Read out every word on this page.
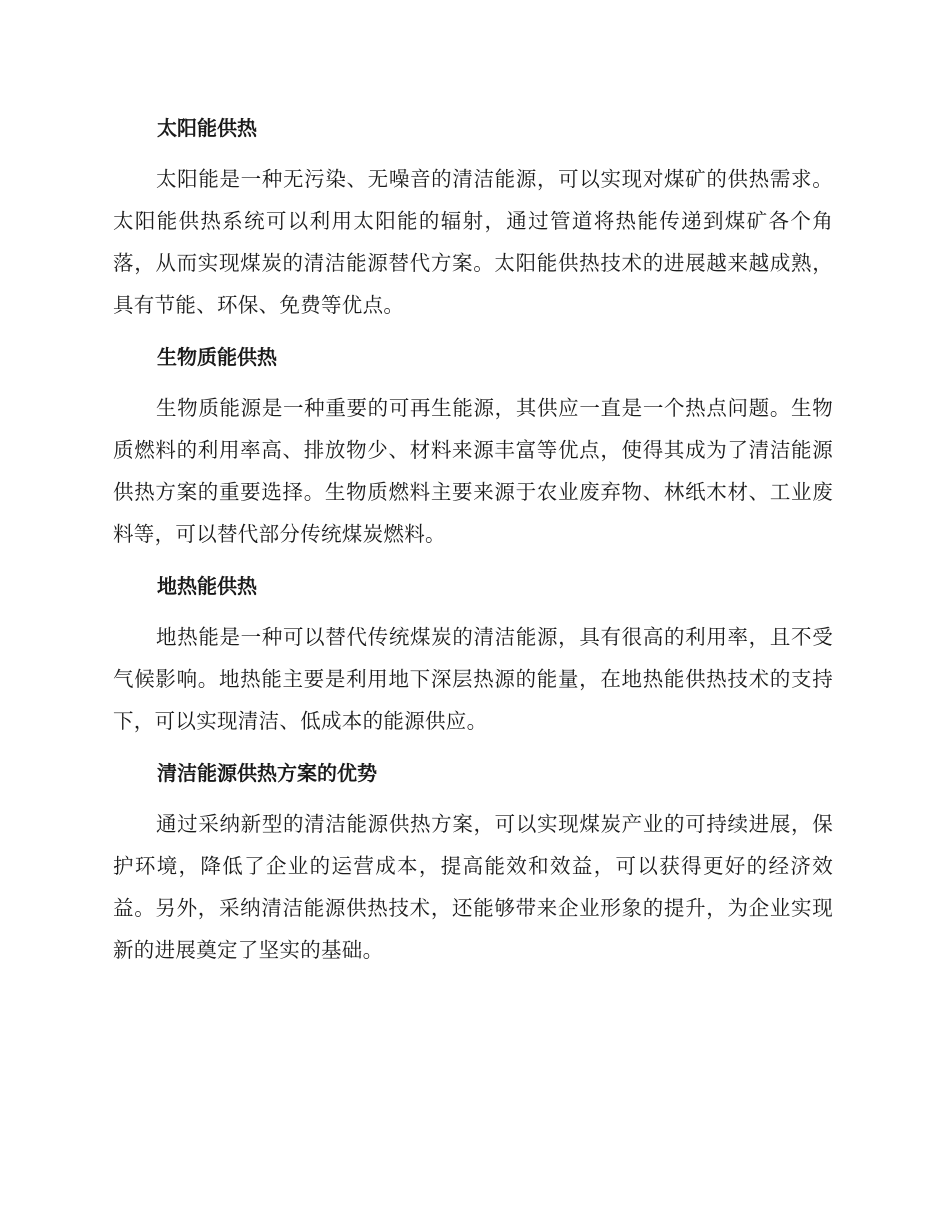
太阳能供热

太阳能是一种无污染、无噪音的清洁能源，可以实现对煤矿的供热需求。太阳能供热系统可以利用太阳能的辐射，通过管道将热能传递到煤矿各个角落，从而实现煤炭的清洁能源替代方案。太阳能供热技术的进展越来越成熟，具有节能、环保、免费等优点。

生物质能供热

生物质能源是一种重要的可再生能源，其供应一直是一个热点问题。生物质燃料的利用率高、排放物少、材料来源丰富等优点，使得其成为了清洁能源供热方案的重要选择。生物质燃料主要来源于农业废弃物、林纸木材、工业废料等，可以替代部分传统煤炭燃料。

地热能供热

地热能是一种可以替代传统煤炭的清洁能源，具有很高的利用率，且不受气候影响。地热能主要是利用地下深层热源的能量，在地热能供热技术的支持下，可以实现清洁、低成本的能源供应。

清洁能源供热方案的优势

通过采纳新型的清洁能源供热方案，可以实现煤炭产业的可持续进展，保护环境，降低了企业的运营成本，提高能效和效益，可以获得更好的经济效益。另外，采纳清洁能源供热技术，还能够带来企业形象的提升，为企业实现新的进展奠定了坚实的基础。
